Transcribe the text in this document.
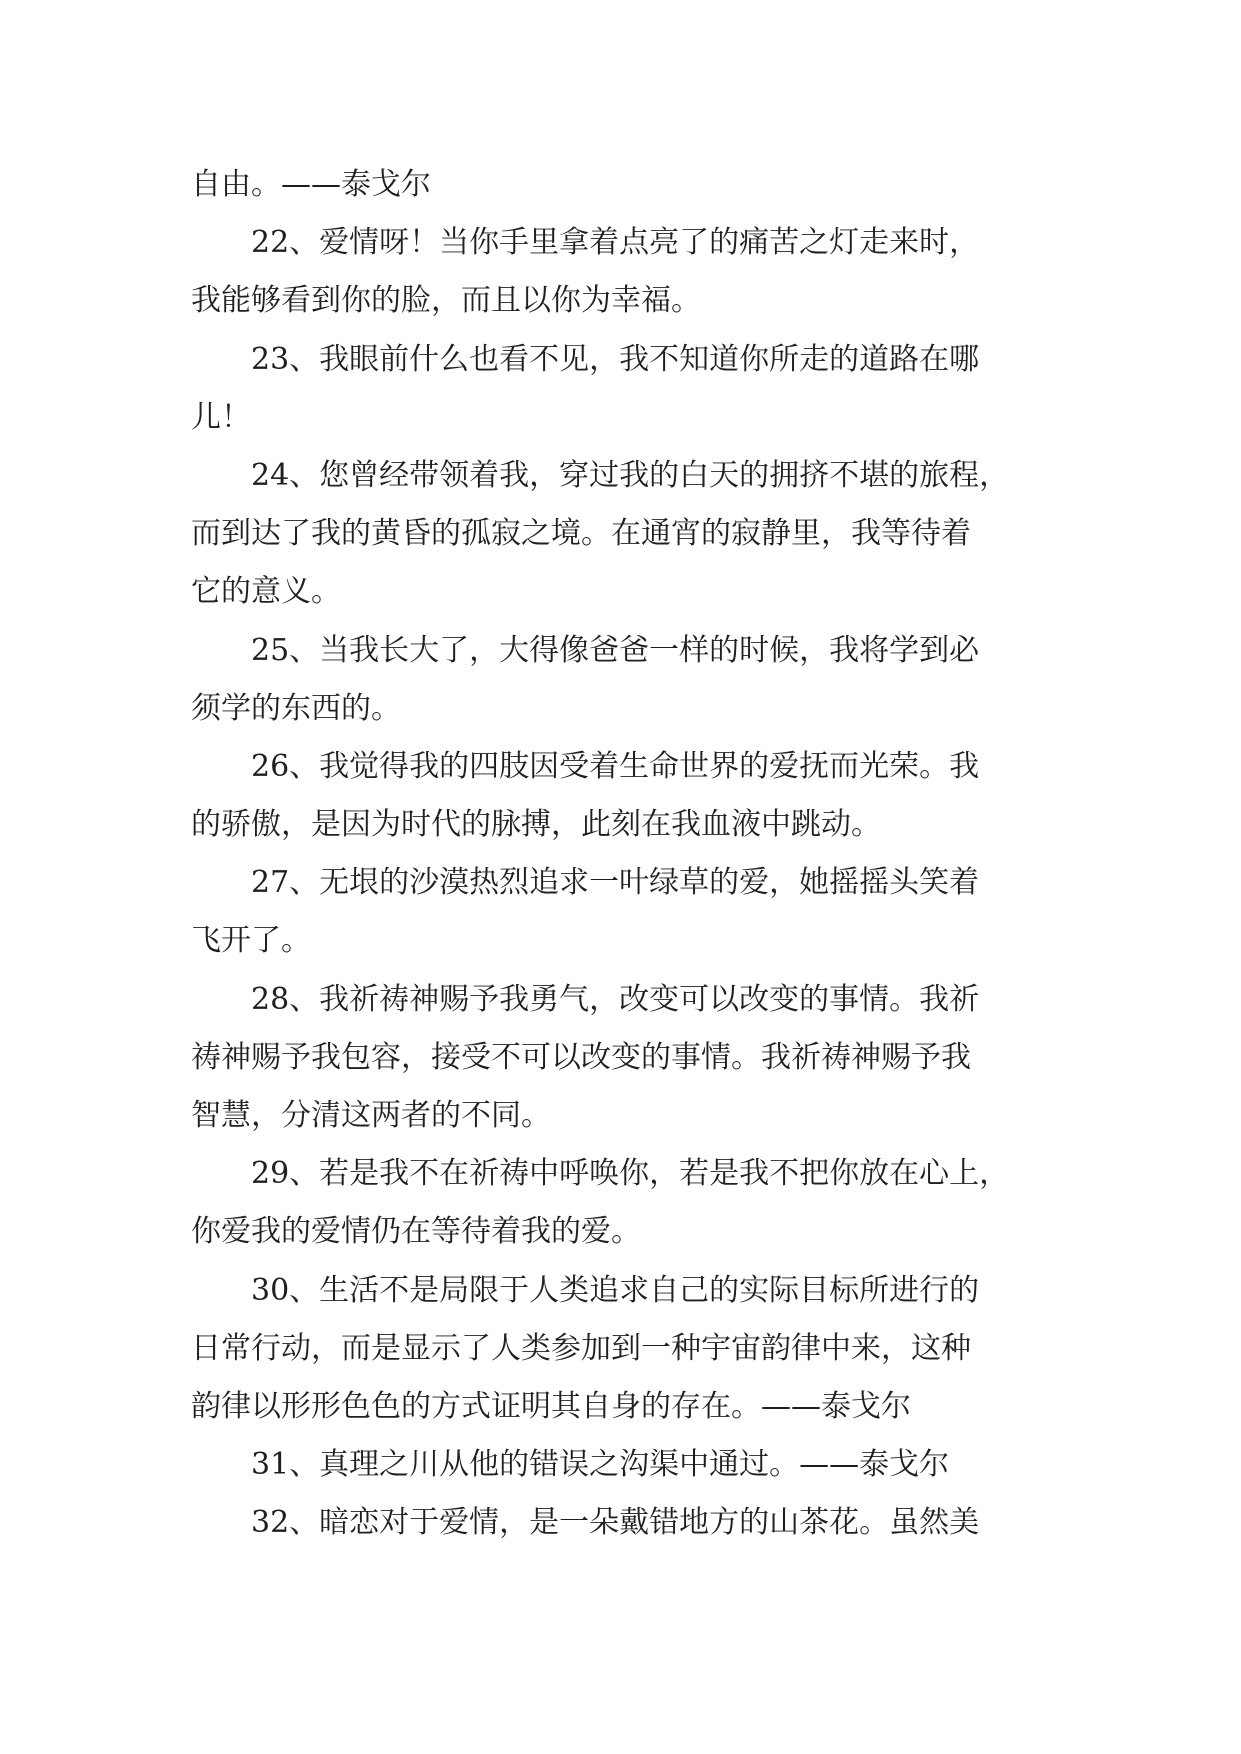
自由。——泰戈尔
22、爱情呀！当你手里拿着点亮了的痛苦之灯走来时，
我能够看到你的脸，而且以你为幸福。
23、我眼前什么也看不见，我不知道你所走的道路在哪
儿！
24、您曾经带领着我，穿过我的白天的拥挤不堪的旅程，
而到达了我的黄昏的孤寂之境。在通宵的寂静里，我等待着
它的意义。
25、当我长大了，大得像爸爸一样的时候，我将学到必
须学的东西的。
26、我觉得我的四肢因受着生命世界的爱抚而光荣。我
的骄傲，是因为时代的脉搏，此刻在我血液中跳动。
27、无垠的沙漠热烈追求一叶绿草的爱，她摇摇头笑着
飞开了。
28、我祈祷神赐予我勇气，改变可以改变的事情。我祈
祷神赐予我包容，接受不可以改变的事情。我祈祷神赐予我
智慧，分清这两者的不同。
29、若是我不在祈祷中呼唤你，若是我不把你放在心上，
你爱我的爱情仍在等待着我的爱。
30、生活不是局限于人类追求自己的实际目标所进行的
日常行动，而是显示了人类参加到一种宇宙韵律中来，这种
韵律以形形色色的方式证明其自身的存在。——泰戈尔
31、真理之川从他的错误之沟渠中通过。——泰戈尔
32、暗恋对于爱情，是一朵戴错地方的山茶花。虽然美
